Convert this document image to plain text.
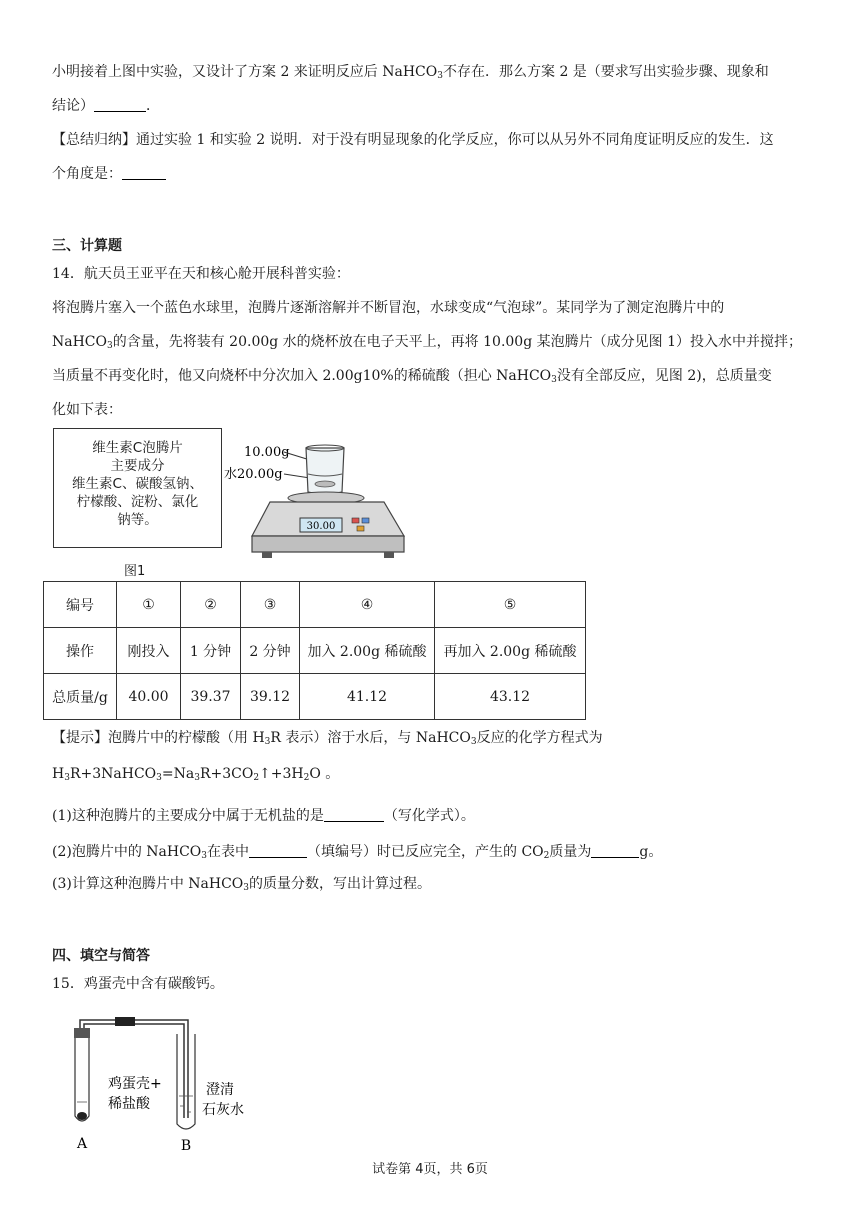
小明接着上图中实验，又设计了方案 2 来证明反应后 NaHCO$_3$不存在．那么方案 2 是（要求写出实验步骤、现象和
结论）	．
【总结归纳】通过实验 1 和实验 2 说明．对于没有明显现象的化学反应，你可以从另外不同角度证明反应的发生．这
个角度是：
三、计算题
14．航天员王亚平在天和核心舱开展科普实验：
将泡腾片塞入一个蓝色水球里，泡腾片逐渐溶解并不断冒泡，水球变成“气泡球”。某同学为了测定泡腾片中的
NaHCO$_3$的含量，先将装有 20.00g 水的烧杯放在电子天平上，再将 10.00g 某泡腾片（成分见图 1）投入水中并搅拌；
当质量不再变化时，他又向烧杯中分次加入 2.00g10%的稀硫酸（担心 NaHCO$_3$没有全部反应，见图 2)，总质量变
化如下表：
维生素C泡腾片
主要成分
维生素C、碳酸氢钠、
柠檬酸、淀粉、氯化
钠等。
图1
10.00g
水20.00g
30.00
编号	①	②	③	④	⑤
操作	刚投入	1 分钟	2 分钟	加入 2.00g 稀硫酸	再加入 2.00g 稀硫酸
总质量/g	40.00	39.37	39.12	41.12	43.12
【提示】泡腾片中的柠檬酸（用 $H_3R$ 表示）溶于水后，与 NaHCO$_3$反应的化学方程式为
$H_3R+3NaHCO_3=Na_3R+3CO_2↑+3H_2O$ 。
(1)这种泡腾片的主要成分中属于无机盐的是	（写化学式）。
(2)泡腾片中的 NaHCO$_3$在表中	（填编号）时已反应完全，产生的 $CO_2$质量为	g。
(3)计算这种泡腾片中 NaHCO$_3$的质量分数，写出计算过程。
四、填空与简答
15．鸡蛋壳中含有碳酸钙。
鸡蛋壳+
稀盐酸
A
澄清
石灰水
B
试卷第 4页，共 6页
